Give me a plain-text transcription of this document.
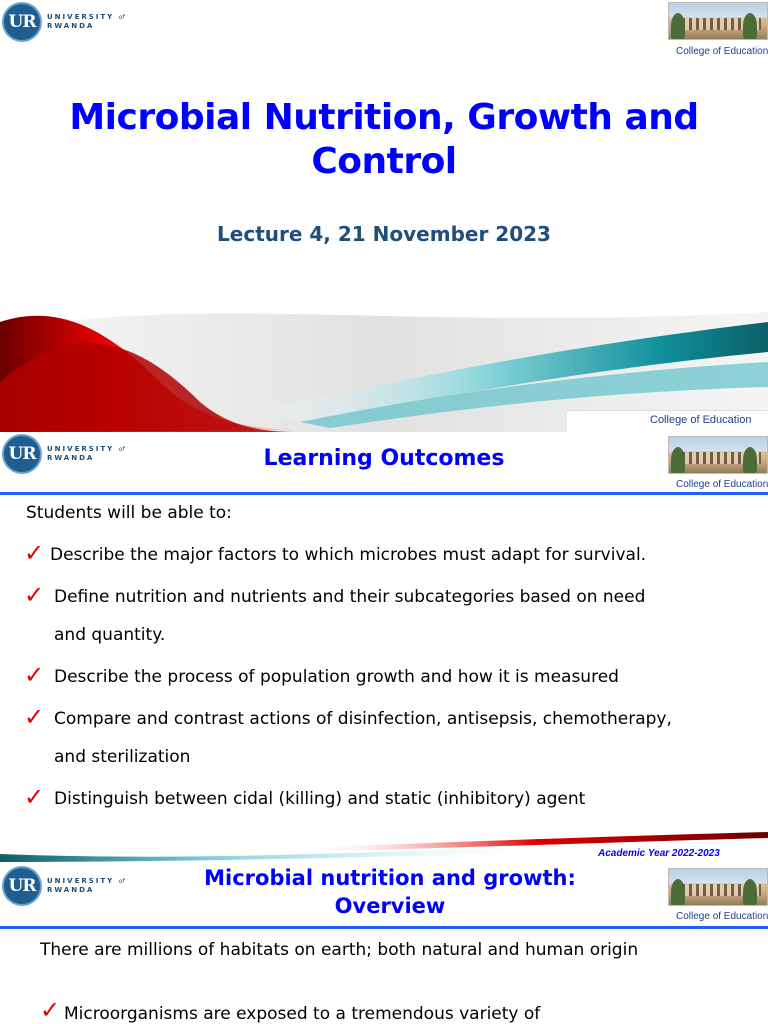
UR	UNIVERSITY of
RWANDA
College of Education
Microbial Nutrition, Growth and Control
Lecture 4, 21 November 2023
College of Education
UR	UNIVERSITY of
RWANDA	Learning Outcomes
College of Education
Students will be able to:
✓ Describe the major factors to which microbes must adapt for survival.
✓ Define nutrition and nutrients and their subcategories based on need
and quantity.
✓ Describe the process of population growth and how it is measured
✓ Compare and contrast actions of disinfection, antisepsis, chemotherapy,
and sterilization
✓ Distinguish between cidal (killing) and static (inhibitory) agent
Academic Year 2022-2023
UR	UNIVERSITY of
RWANDA	Microbial nutrition and growth:
Overview	College of Education
There are millions of habitats on earth; both natural and human origin
✓ Microorganisms are exposed to a tremendous variety of
